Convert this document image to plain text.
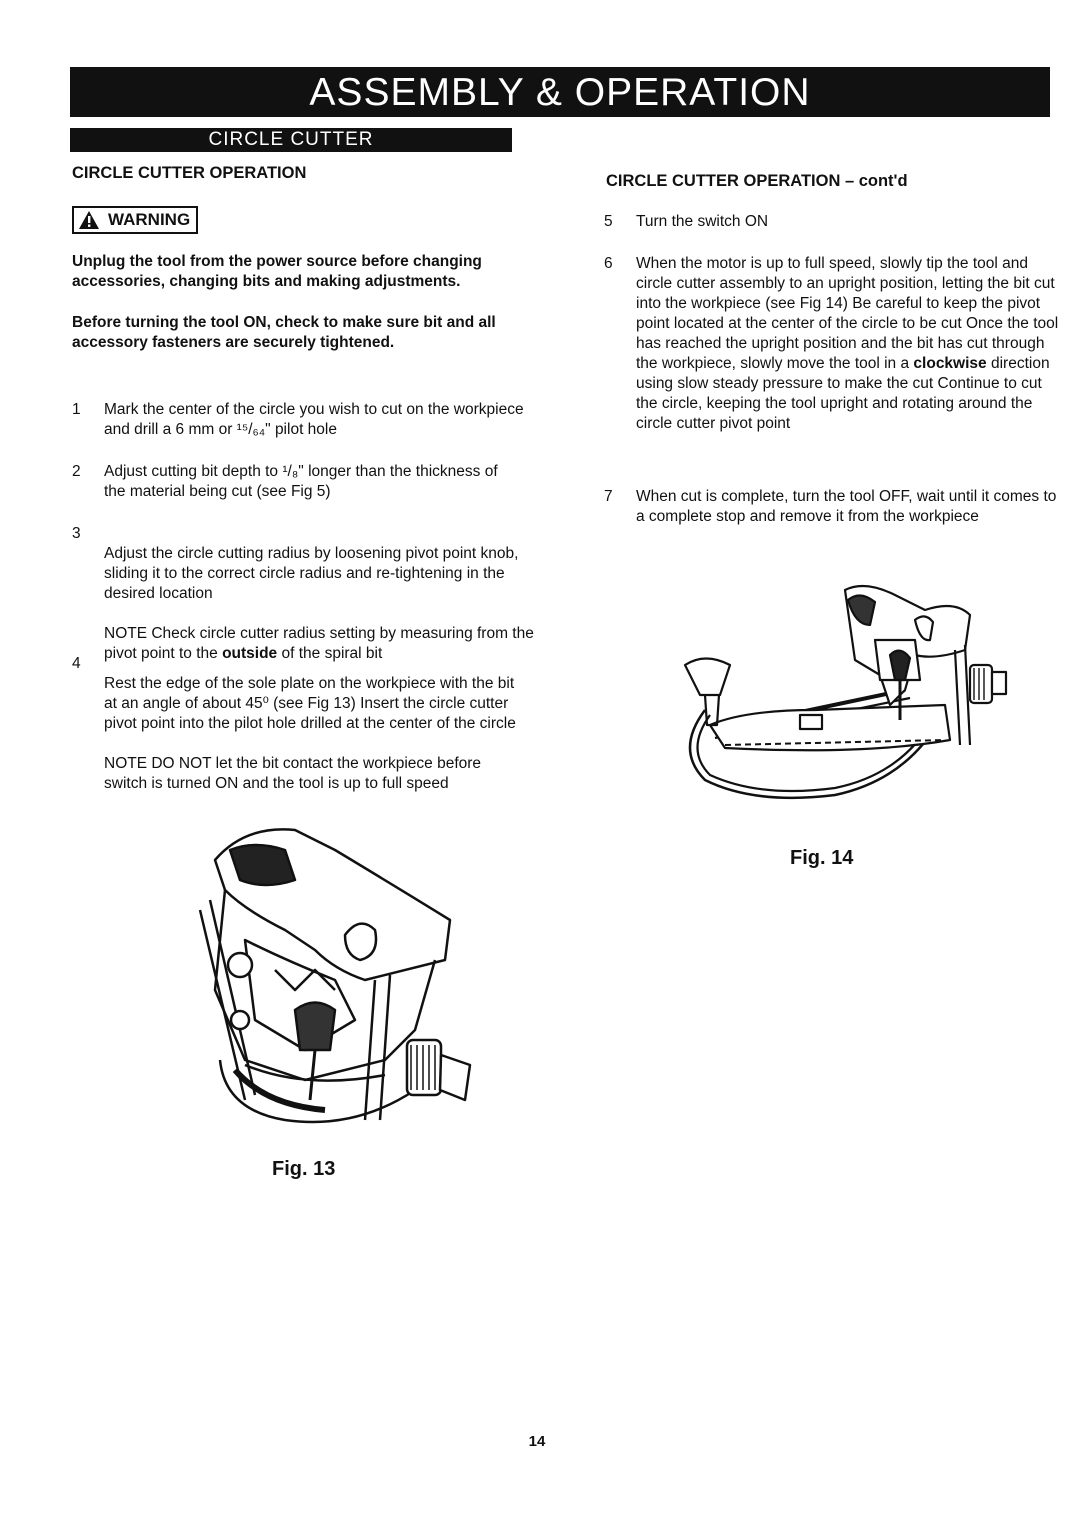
ASSEMBLY & OPERATION
CIRCLE CUTTER
CIRCLE CUTTER OPERATION
WARNING
Unplug the tool from the power source before changing accessories, changing bits and making adjustments.
Before turning the tool ON, check to make sure bit and all accessory fasteners are securely tightened.
1	Mark the center of the circle you wish to cut on the workpiece and drill a 6 mm or ¹⁵/₆₄" pilot hole
2	Adjust cutting bit depth to ¹/₈" longer than the thickness of the material being cut (see Fig 5)
3

Adjust the circle cutting radius by loosening pivot point knob, sliding it to the correct circle radius and re-tightening in the desired location

NOTE Check circle cutter radius setting by measuring from the pivot point to the outside of the spiral bit

4

Rest the edge of the sole plate on the workpiece with the bit at an angle of about 45⁰ (see Fig 13) Insert the circle cutter pivot point into the pilot hole drilled at the center of the circle

NOTE DO NOT let the bit contact the workpiece before switch is turned ON and the tool is up to full speed

Fig. 13
CIRCLE CUTTER OPERATION – cont'd
5	Turn the switch ON
6	When the motor is up to full speed, slowly tip the tool and circle cutter assembly to an upright position, letting the bit cut into the workpiece (see Fig 14) Be careful to keep the pivot point located at the center of the circle to be cut Once the tool has reached the upright position and the bit has cut through the workpiece, slowly move the tool in a clockwise direction using slow steady pressure to make the cut Continue to cut the circle, keeping the tool upright and rotating around the circle cutter pivot point
7	When cut is complete, turn the tool OFF, wait until it comes to a complete stop and remove it from the workpiece
Fig. 14
14
